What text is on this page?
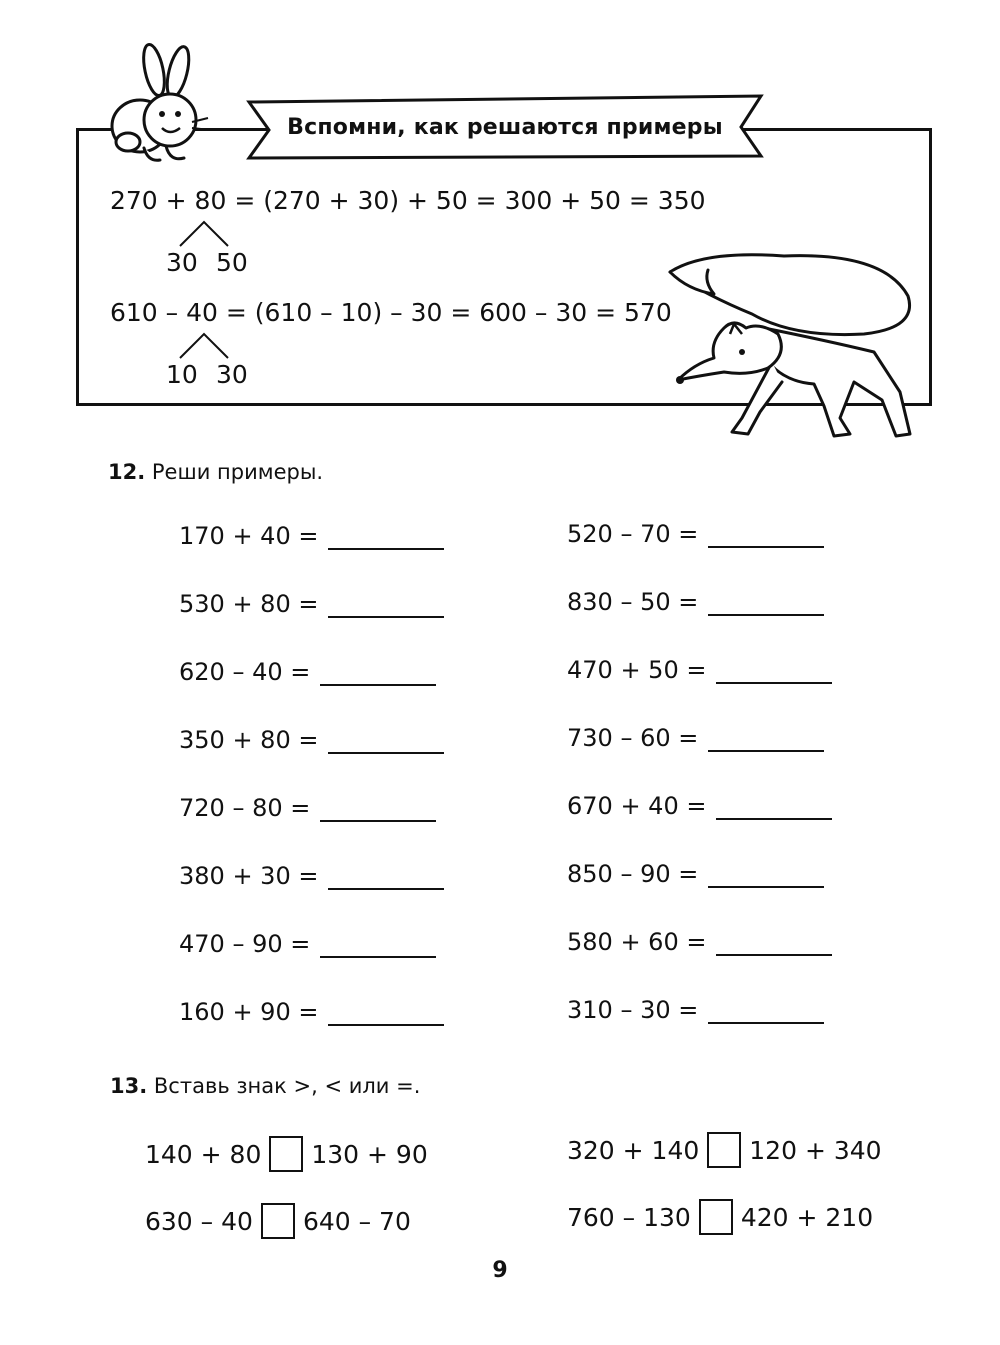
Вспомни, как решаются примеры
270 + 80 = (270 + 30) + 50 = 300 + 50 = 350
30 50
610 – 40 = (610 – 10) – 30 = 600 – 30 = 570
10 30
12. Реши примеры.
170 + 40 =
530 + 80 =
620 – 40 =
350 + 80 =
720 – 80 =
380 + 30 =
470 – 90 =
160 + 90 =
520 – 70 =
830 – 50 =
470 + 50 =
730 – 60 =
670 + 40 =
850 – 90 =
580 + 60 =
310 – 30 =
13. Вставь знак >, < или =.
140 + 80 130 + 90	320 + 140 120 + 340
630 – 40 640 – 70	760 – 130 420 + 210
9
